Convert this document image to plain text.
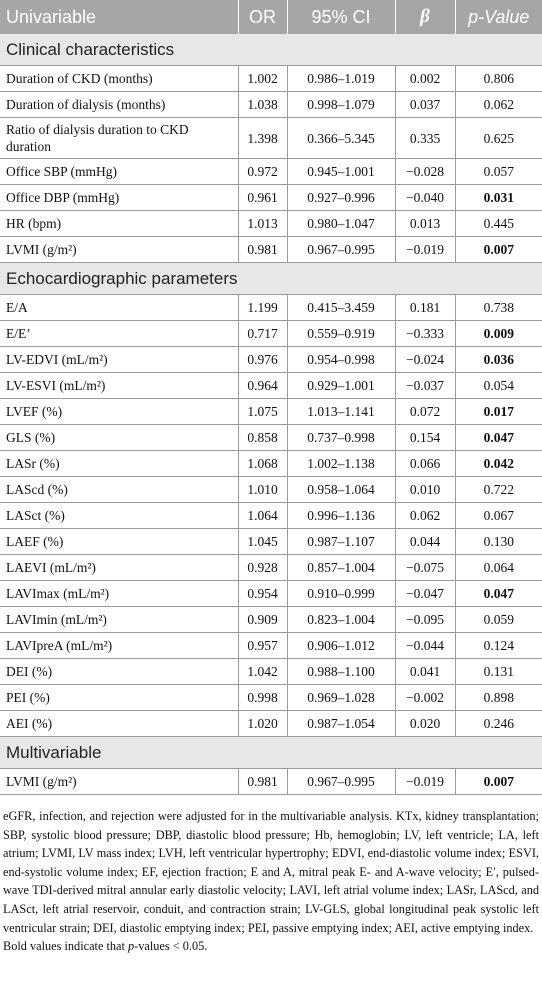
Univariable	OR	95% CI	β	p-Value
Clinical characteristics				
Duration of CKD (months)	1.002	0.986–1.019	0.002	0.806
Duration of dialysis (months)	1.038	0.998–1.079	0.037	0.062
Ratio of dialysis duration to CKD duration	1.398	0.366–5.345	0.335	0.625
Office SBP (mmHg)	0.972	0.945–1.001	−0.028	0.057
Office DBP (mmHg)	0.961	0.927–0.996	−0.040	0.031
HR (bpm)	1.013	0.980–1.047	0.013	0.445
LVMI (g/m²)	0.981	0.967–0.995	−0.019	0.007
Echocardiographic parameters				
E/A	1.199	0.415–3.459	0.181	0.738
E/E’	0.717	0.559–0.919	−0.333	0.009
LV-EDVI (mL/m²)	0.976	0.954–0.998	−0.024	0.036
LV-ESVI (mL/m²)	0.964	0.929–1.001	−0.037	0.054
LVEF (%)	1.075	1.013–1.141	0.072	0.017
GLS (%)	0.858	0.737–0.998	0.154	0.047
LASr (%)	1.068	1.002–1.138	0.066	0.042
LAScd (%)	1.010	0.958–1.064	0.010	0.722
LASct (%)	1.064	0.996–1.136	0.062	0.067
LAEF (%)	1.045	0.987–1.107	0.044	0.130
LAEVI (mL/m²)	0.928	0.857–1.004	−0.075	0.064
LAVImax (mL/m²)	0.954	0.910–0.999	−0.047	0.047
LAVImin (mL/m²)	0.909	0.823–1.004	−0.095	0.059
LAVIpreA (mL/m²)	0.957	0.906–1.012	−0.044	0.124
DEI (%)	1.042	0.988–1.100	0.041	0.131
PEI (%)	0.998	0.969–1.028	−0.002	0.898
AEI (%)	1.020	0.987–1.054	0.020	0.246
Multivariable				
LVMI (g/m²)	0.981	0.967–0.995	−0.019	0.007

eGFR, infection, and rejection were adjusted for in the multivariable analysis. KTx, kidney transplantation; SBP, systolic blood pressure; DBP, diastolic blood pressure; Hb, hemoglobin; LV, left ventricle; LA, left atrium; LVMI, LV mass index; LVH, left ventricular hypertrophy; EDVI, end-diastolic volume index; ESVI, end-systolic volume index; EF, ejection fraction; E and A, mitral peak E- and A-wave velocity; E′, pulsed-wave TDI-derived mitral annular early diastolic velocity; LAVI, left atrial volume index; LASr, LAScd, and LASct, left atrial reservoir, conduit, and contraction strain; LV-GLS, global longitudinal peak systolic left ventricular strain; DEI, diastolic emptying index; PEI, passive emptying index; AEI, active emptying index.

Bold values indicate that p-values < 0.05.
